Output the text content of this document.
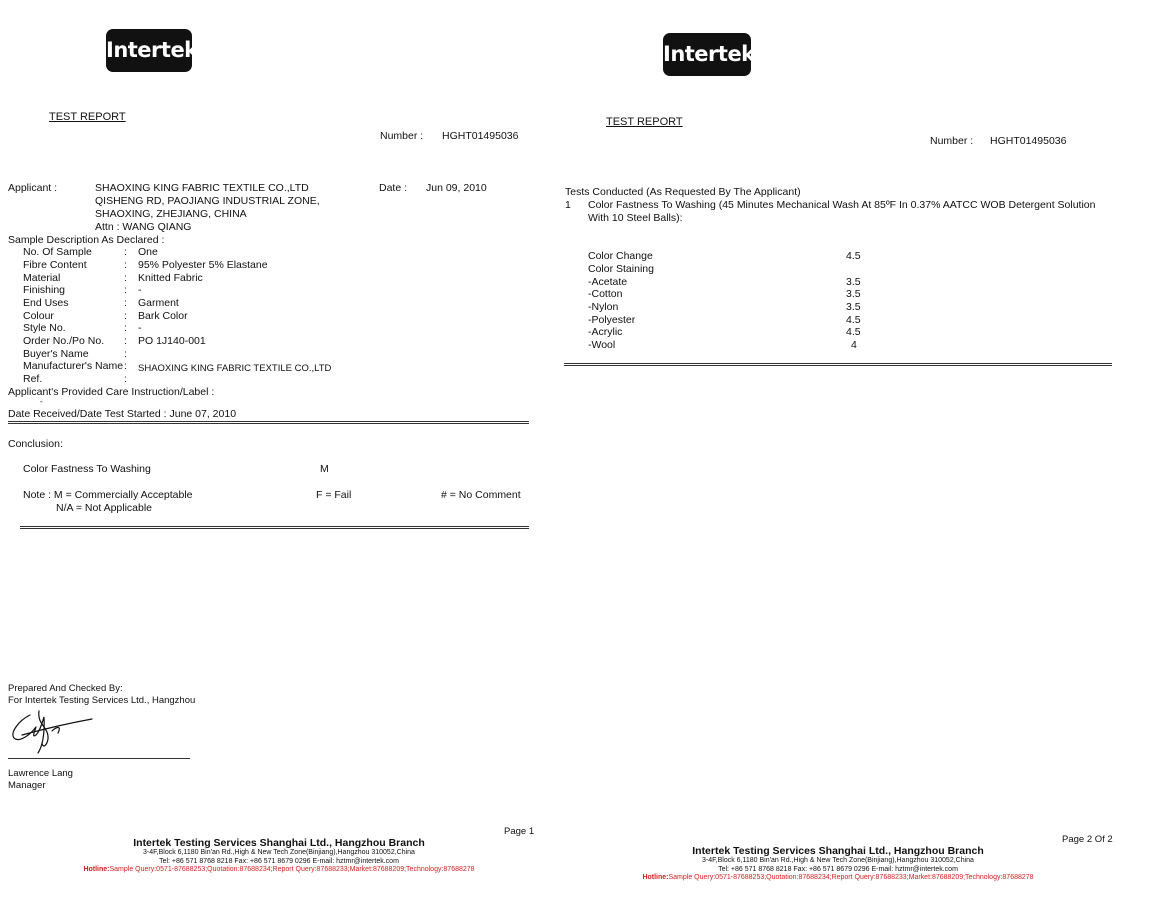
Intertek
TEST REPORT
Number : HGHT01495036
Applicant :	SHAOXING KING FABRIC TEXTILE CO.,LTD
QISHENG RD, PAOJIANG INDUSTRIAL ZONE,
SHAOXING, ZHEJIANG, CHINA
Attn : WANG QIANG
Date : Jun 09, 2010
Sample Description As Declared :
No. Of Sample	: One
Fibre Content	: 95% Polyester 5% Elastane
Material	: Knitted Fabric
Finishing	: -
End Uses	: Garment
Colour	: Bark Color
Style No.	: -
Order No./Po No. : PO 1J140-001
Buyer's Name	:
Manufacturer's Name : SHAOXING KING FABRIC TEXTILE CO.,LTD
Ref.	:
Applicant's Provided Care Instruction/Label :
-
Date Received/Date Test Started : June 07, 2010
Conclusion:
Color Fastness To Washing	M
Note : M = Commercially Acceptable	F = Fail	# = No Comment
N/A = Not Applicable
Prepared And Checked By:
For Intertek Testing Services Ltd., Hangzhou
Lawrence Lang
Manager
Page 1
Intertek Testing Services Shanghai Ltd., Hangzhou Branch
3-4F,Block 6,1180 Bin'an Rd.,High & New Tech Zone(Binjiang),Hangzhou 310052,China
Tel: +86 571 8768 8218 Fax: +86 571 8679 0296 E-mail: hztmr@intertek.com
Hotline:Sample Query:0571-87688253;Quotation:87688234;Report Query:87688233;Market:87688209;Technology:87688278
Intertek
TEST REPORT
Number : HGHT01495036
Tests Conducted (As Requested By The Applicant)
1 Color Fastness To Washing (45 Minutes Mechanical Wash At 85ºF In 0.37% AATCC WOB Detergent Solution
With 10 Steel Balls):
Color Change	4.5
Color Staining
-Acetate	3.5
-Cotton	3.5
-Nylon	3.5
-Polyester	4.5
-Acrylic	4.5
-Wool	4
Page 2 Of 2
Intertek Testing Services Shanghai Ltd., Hangzhou Branch
3-4F,Block 6,1180 Bin'an Rd.,High & New Tech Zone(Binjiang),Hangzhou 310052,China
Tel: +86 571 8768 8218 Fax: +86 571 8679 0296 E-mail: hztmr@intertek.com
Hotline:Sample Query:0571-87688253;Quotation:87688234;Report Query:87688233;Market:87688209;Technology:87688278
